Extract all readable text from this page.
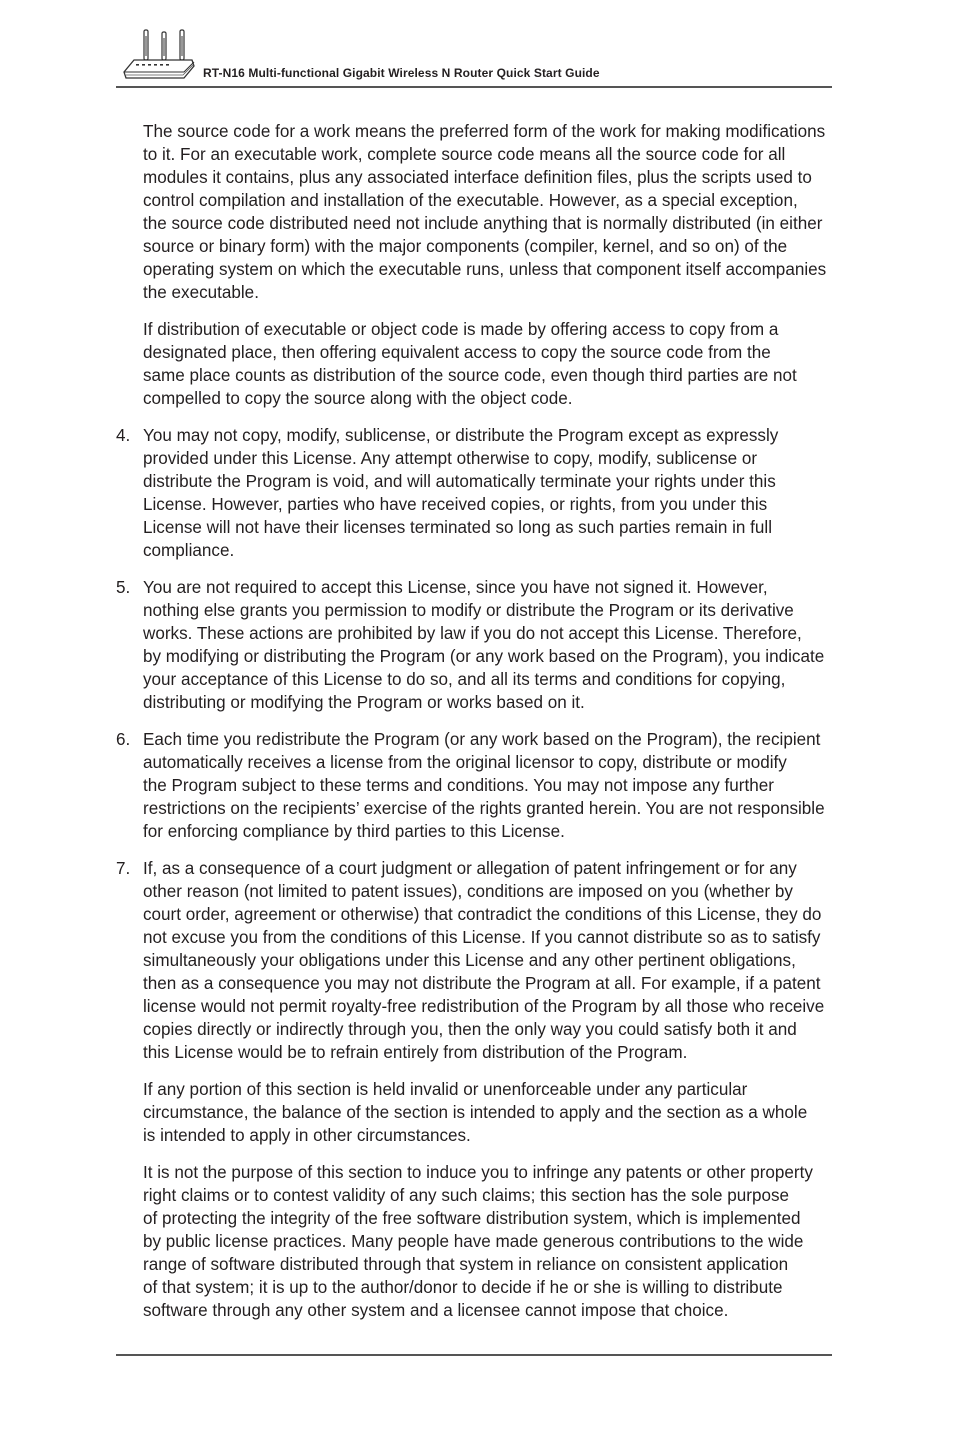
RT-N16 Multi-functional Gigabit Wireless N Router Quick Start Guide
The source code for a work means the preferred form of the work for making modifications
to it. For an executable work, complete source code means all the source code for all
modules it contains, plus any associated interface definition files, plus the scripts used to
control compilation and installation of the executable. However, as a special exception,
the source code distributed need not include anything that is normally distributed (in either
source or binary form) with the major components (compiler, kernel, and so on) of the
operating system on which the executable runs, unless that component itself accompanies
the executable.
If distribution of executable or object code is made by offering access to copy from a
designated place, then offering equivalent access to copy the source code from the
same place counts as distribution of the source code, even though third parties are not
compelled to copy the source along with the object code.
4. You may not copy, modify, sublicense, or distribute the Program except as expressly
provided under this License. Any attempt otherwise to copy, modify, sublicense or
distribute the Program is void, and will automatically terminate your rights under this
License. However, parties who have received copies, or rights, from you under this
License will not have their licenses terminated so long as such parties remain in full
compliance.
5. You are not required to accept this License, since you have not signed it. However,
nothing else grants you permission to modify or distribute the Program or its derivative
works. These actions are prohibited by law if you do not accept this License. Therefore,
by modifying or distributing the Program (or any work based on the Program), you indicate
your acceptance of this License to do so, and all its terms and conditions for copying,
distributing or modifying the Program or works based on it.
6. Each time you redistribute the Program (or any work based on the Program), the recipient
automatically receives a license from the original licensor to copy, distribute or modify
the Program subject to these terms and conditions. You may not impose any further
restrictions on the recipients’ exercise of the rights granted herein. You are not responsible
for enforcing compliance by third parties to this License.
7. If, as a consequence of a court judgment or allegation of patent infringement or for any
other reason (not limited to patent issues), conditions are imposed on you (whether by
court order, agreement or otherwise) that contradict the conditions of this License, they do
not excuse you from the conditions of this License. If you cannot distribute so as to satisfy
simultaneously your obligations under this License and any other pertinent obligations,
then as a consequence you may not distribute the Program at all. For example, if a patent
license would not permit royalty-free redistribution of the Program by all those who receive
copies directly or indirectly through you, then the only way you could satisfy both it and
this License would be to refrain entirely from distribution of the Program.
If any portion of this section is held invalid or unenforceable under any particular
circumstance, the balance of the section is intended to apply and the section as a whole
is intended to apply in other circumstances.
It is not the purpose of this section to induce you to infringe any patents or other property
right claims or to contest validity of any such claims; this section has the sole purpose
of protecting the integrity of the free software distribution system, which is implemented
by public license practices. Many people have made generous contributions to the wide
range of software distributed through that system in reliance on consistent application
of that system; it is up to the author/donor to decide if he or she is willing to distribute
software through any other system and a licensee cannot impose that choice.
